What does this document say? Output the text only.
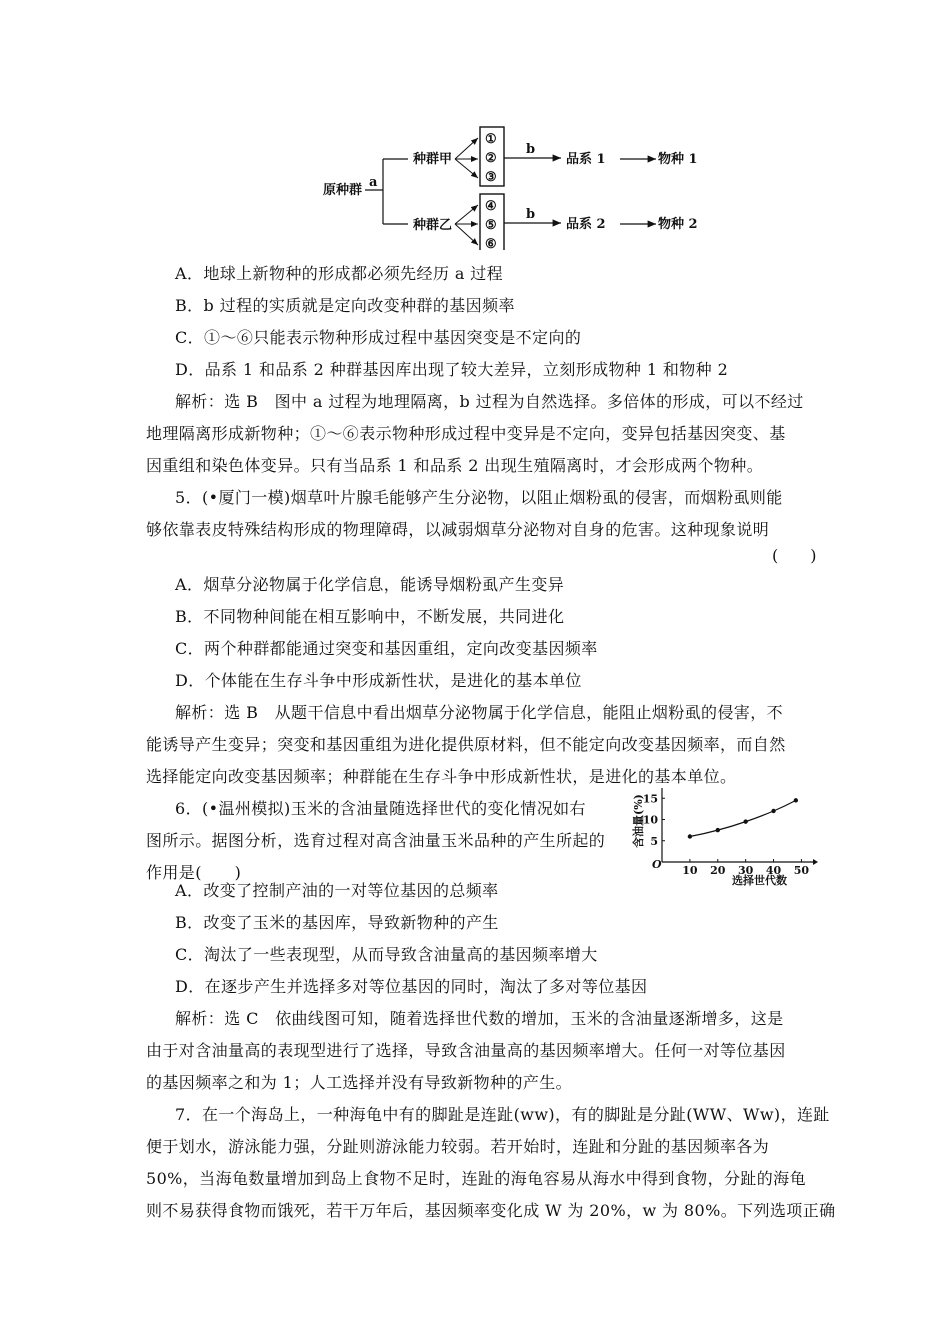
原种群
a
种群甲
种群乙
①
②
③
④
⑤
⑥
b
b
品系 1
品系 2
物种 1
物种 2
A．地球上新物种的形成都必须先经历 a 过程
B．b 过程的实质就是定向改变种群的基因频率
C．①～⑥只能表示物种形成过程中基因突变是不定向的
D．品系 1 和品系 2 种群基因库出现了较大差异，立刻形成物种 1 和物种 2
解析：选 B　图中 a 过程为地理隔离，b 过程为自然选择。多倍体的形成，可以不经过
地理隔离形成新物种；①～⑥表示物种形成过程中变异是不定向，变异包括基因突变、基
因重组和染色体变异。只有当品系 1 和品系 2 出现生殖隔离时，才会形成两个物种。
5．(•厦门一模)烟草叶片腺毛能够产生分泌物，以阻止烟粉虱的侵害，而烟粉虱则能
够依靠表皮特殊结构形成的物理障碍，以减弱烟草分泌物对自身的危害。这种现象说明
(　　)
A．烟草分泌物属于化学信息，能诱导烟粉虱产生变异
B．不同物种间能在相互影响中，不断发展，共同进化
C．两个种群都能通过突变和基因重组，定向改变基因频率
D．个体能在生存斗争中形成新性状，是进化的基本单位
解析：选 B　从题干信息中看出烟草分泌物属于化学信息，能阻止烟粉虱的侵害，不
能诱导产生变异；突变和基因重组为进化提供原材料，但不能定向改变基因频率，而自然
选择能定向改变基因频率；种群能在生存斗争中形成新性状，是进化的基本单位。
6．(•温州模拟)玉米的含油量随选择世代的变化情况如右
图所示。据图分析，选育过程对高含油量玉米品种的产生所起的
作用是(　　)	10 20 30 40 50
5
10
15
O
选择世代数
含油量(%)
A．改变了控制产油的一对等位基因的总频率
B．改变了玉米的基因库，导致新物种的产生
C．淘汰了一些表现型，从而导致含油量高的基因频率增大
D．在逐步产生并选择多对等位基因的同时，淘汰了多对等位基因
解析：选 C　依曲线图可知，随着选择世代数的增加，玉米的含油量逐渐增多，这是
由于对含油量高的表现型进行了选择，导致含油量高的基因频率增大。任何一对等位基因
的基因频率之和为 1；人工选择并没有导致新物种的产生。
7．在一个海岛上，一种海龟中有的脚趾是连趾(ww)，有的脚趾是分趾(WW、Ww)，连趾
便于划水，游泳能力强，分趾则游泳能力较弱。若开始时，连趾和分趾的基因频率各为
50%，当海龟数量增加到岛上食物不足时，连趾的海龟容易从海水中得到食物，分趾的海龟
则不易获得食物而饿死，若干万年后，基因频率变化成 W 为 20%，w 为 80%。下列选项正确
